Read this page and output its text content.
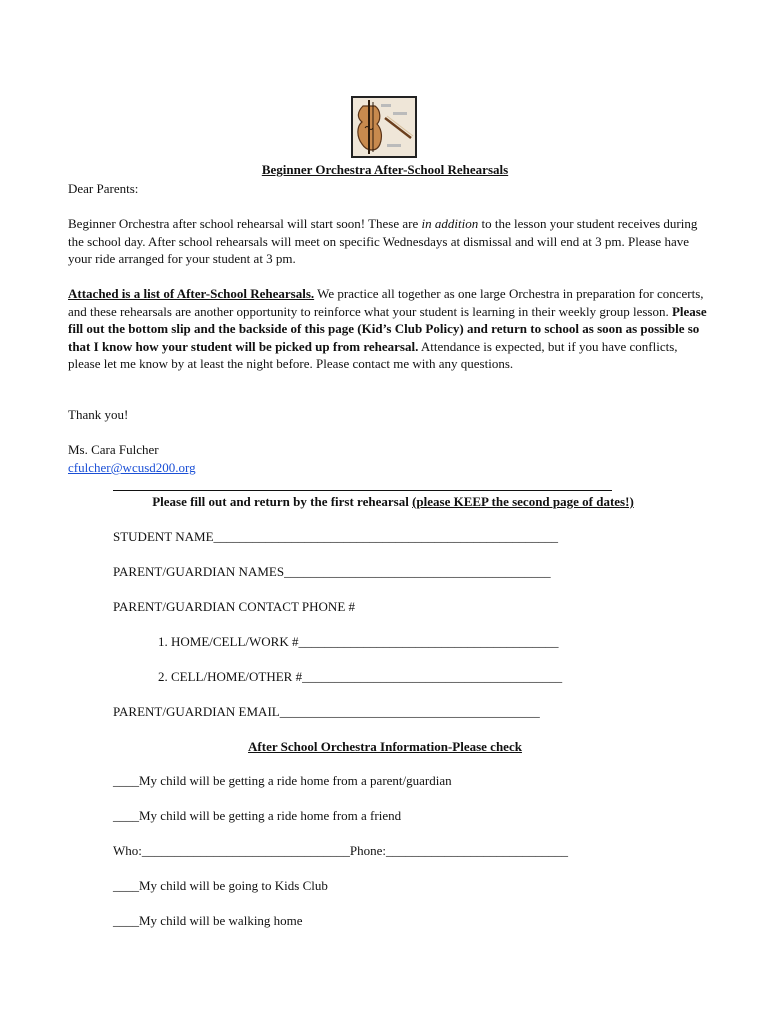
Beginner Orchestra After-School Rehearsals
Dear Parents:
Beginner Orchestra after school rehearsal will start soon! These are in addition to the lesson your student receives during the school day. After school rehearsals will meet on specific Wednesdays at dismissal and will end at 3 pm. Please have your ride arranged for your student at 3 pm.
Attached is a list of After-School Rehearsals. We practice all together as one large Orchestra in preparation for concerts, and these rehearsals are another opportunity to reinforce what your student is learning in their weekly group lesson. Please fill out the bottom slip and the backside of this page (Kid’s Club Policy) and return to school as soon as possible so that I know how your student will be picked up from rehearsal. Attendance is expected, but if you have conflicts, please let me know by at least the night before. Please contact me with any questions.
Thank you!
Ms. Cara Fulcher
cfulcher@wcusd200.org
Please fill out and return by the first rehearsal (please KEEP the second page of dates!)
STUDENT NAME_____________________________________________________
PARENT/GUARDIAN NAMES_________________________________________
PARENT/GUARDIAN CONTACT PHONE #
1. HOME/CELL/WORK #________________________________________
2. CELL/HOME/OTHER #________________________________________
PARENT/GUARDIAN EMAIL________________________________________
After School Orchestra Information-Please check
____My child will be getting a ride home from a parent/guardian
____My child will be getting a ride home from a friend
Who:________________________________Phone:____________________________
____My child will be going to Kids Club
____My child will be walking home
